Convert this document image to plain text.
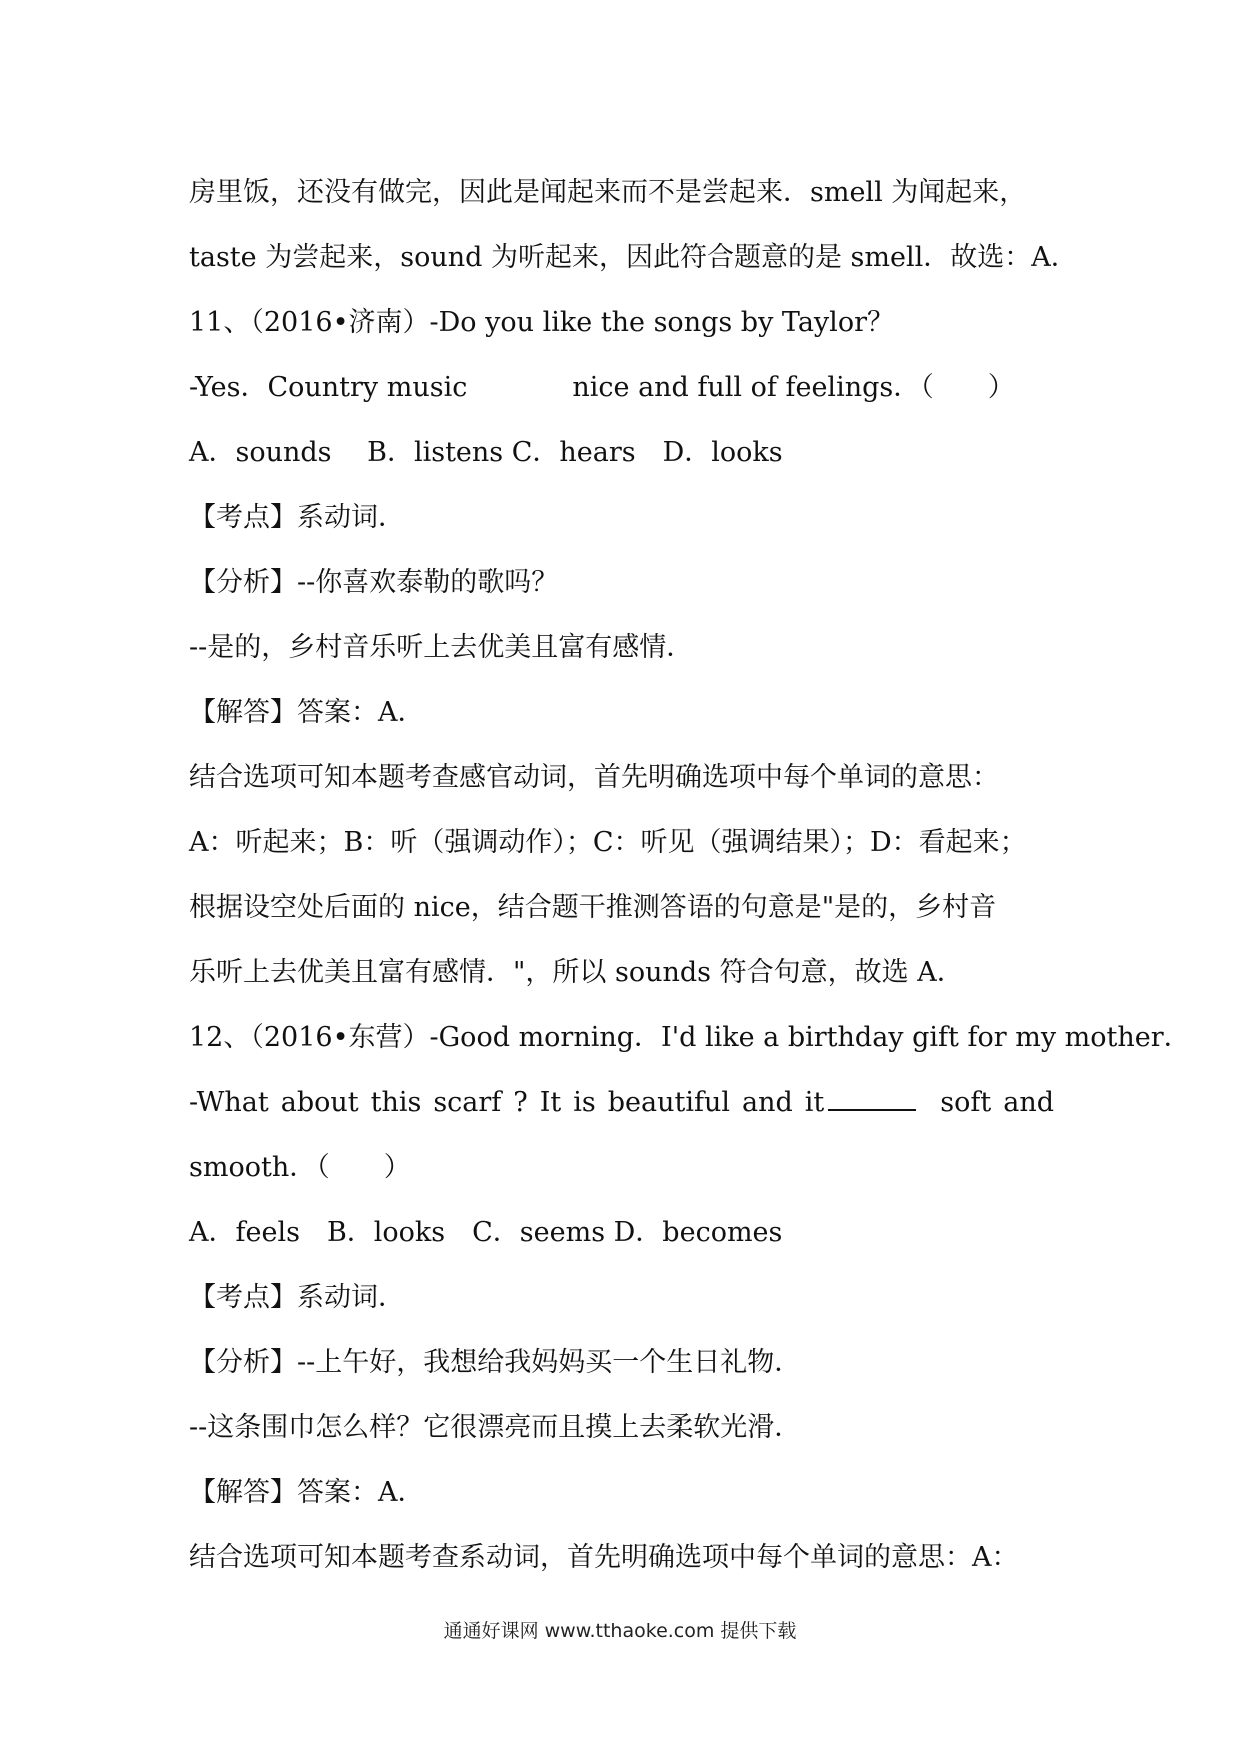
房里饭，还没有做完，因此是闻起来而不是尝起来．smell 为闻起来，
taste 为尝起来，sound 为听起来，因此符合题意的是 smell．故选：A．
11、（2016•济南）-Do you like the songs by Taylor？
-Yes．Country music	nice and full of feelings．（　　）
A．sounds　 B．listens C．hears　D．looks
【考点】系动词．
【分析】--你喜欢泰勒的歌吗？
--是的，乡村音乐听上去优美且富有感情．
【解答】答案：A．
结合选项可知本题考查感官动词，首先明确选项中每个单词的意思：
A：听起来；B：听（强调动作）；C：听见（强调结果）；D：看起来；
根据设空处后面的 nice，结合题干推测答语的句意是"是的，乡村音
乐听上去优美且富有感情．"，所以 sounds 符合句意，故选 A．
12、（2016•东营）-Good morning．I'd like a birthday gift for my mother．
-What about this scarf ? It is beautiful and it	soft and
smooth．（　　）
A．feels　B．looks　C．seems D．becomes
【考点】系动词．
【分析】--上午好，我想给我妈妈买一个生日礼物．
--这条围巾怎么样？它很漂亮而且摸上去柔软光滑．
【解答】答案：A．
结合选项可知本题考查系动词，首先明确选项中每个单词的意思：A：
通通好课网 www.tthaoke.com 提供下载
